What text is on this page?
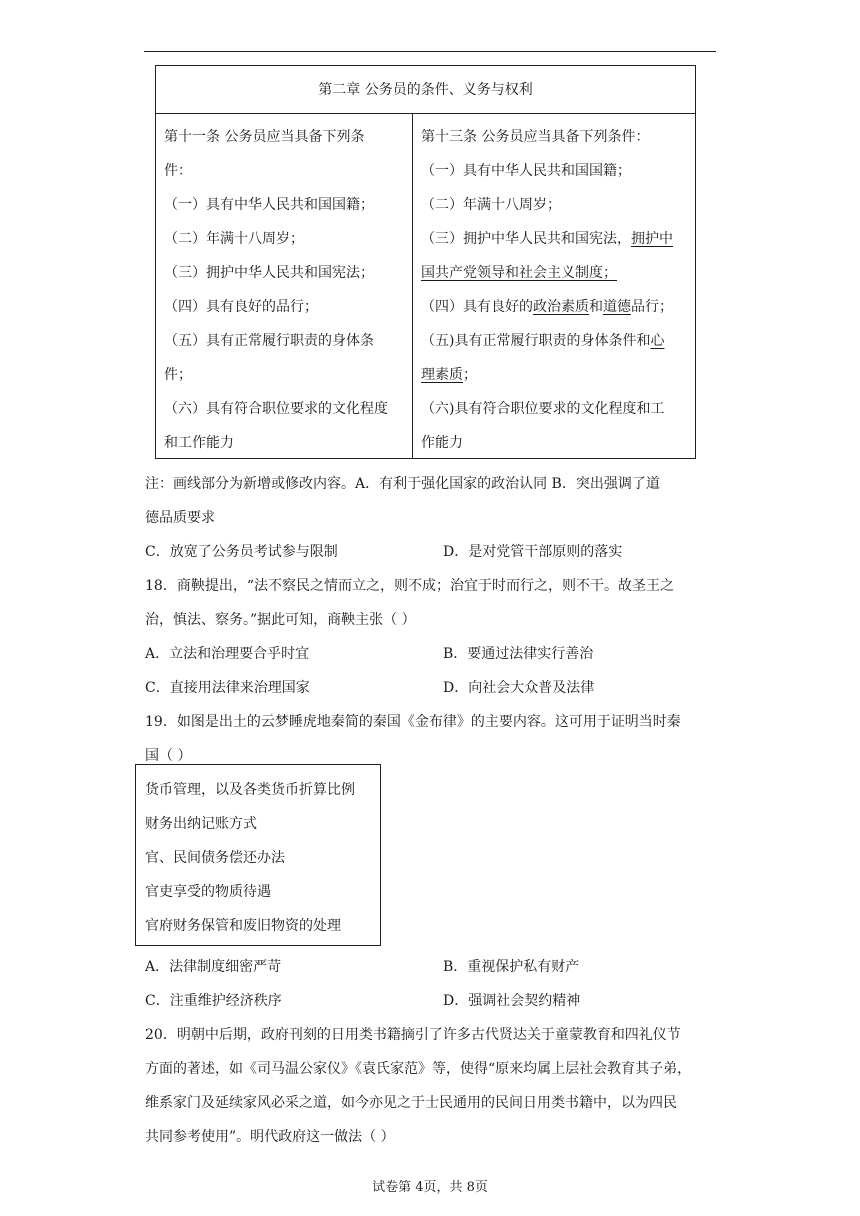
第二章 公务员的条件、义务与权利
第十一条 公务员应当具备下列条
件：
（一）具有中华人民共和国国籍；
（二）年满十八周岁；
（三）拥护中华人民共和国宪法；
（四）具有良好的品行；
（五）具有正常履行职责的身体条
件；
（六）具有符合职位要求的文化程度
和工作能力
第十三条 公务员应当具备下列条件：
（一）具有中华人民共和国国籍；
（二）年满十八周岁；
（三）拥护中华人民共和国宪法，拥护中
国共产党领导和社会主义制度；
（四）具有良好的政治素质和道德品行；
（五)具有正常履行职责的身体条件和心
理素质；
（六)具有符合职位要求的文化程度和工
作能力
注：画线部分为新增或修改内容。A．有利于强化国家的政治认同 B．突出强调了道
德品质要求
C．放宽了公务员考试参与限制	D．是对党管干部原则的落实
18．商鞅提出，“法不察民之情而立之，则不成；治宜于时而行之，则不干。故圣王之
治，慎法、察务。”据此可知，商鞅主张（ ）
A．立法和治理要合乎时宜	B．要通过法律实行善治
C．直接用法律来治理国家	D．向社会大众普及法律
19．如图是出土的云梦睡虎地秦简的秦国《金布律》的主要内容。这可用于证明当时秦
国（ ）
货币管理，以及各类货币折算比例
财务出纳记账方式
官、民间债务偿还办法
官吏享受的物质待遇
官府财务保管和废旧物资的处理
A．法律制度细密严苛	B．重视保护私有财产
C．注重维护经济秩序	D．强调社会契约精神
20．明朝中后期，政府刊刻的日用类书籍摘引了许多古代贤达关于童蒙教育和四礼仪节
方面的著述，如《司马温公家仪》《袁氏家范》等，使得“原来均属上层社会教育其子弟，
维系家门及延续家风必采之道，如今亦见之于士民通用的民间日用类书籍中，以为四民
共同参考使用”。明代政府这一做法（ ）
试卷第 4页，共 8页
